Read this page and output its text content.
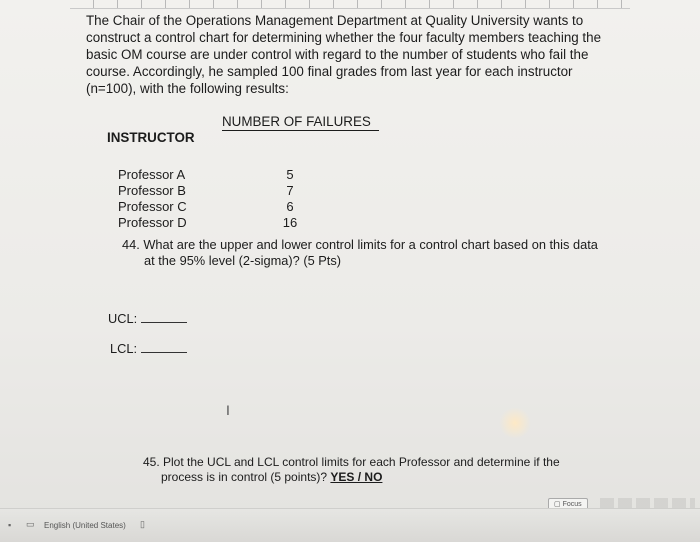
The Chair of the Operations Management Department at Quality University wants to construct a control chart for determining whether the four faculty members teaching the basic OM course are under control with regard to the number of students who fail the course. Accordingly, he sampled 100 final grades from last year for each instructor (n=100), with the following results:

NUMBER OF FAILURES
INSTRUCTOR
Professor A
Professor B
Professor C
Professor D
5
7
6
16
44. What are the upper and lower control limits for a control chart based on this data
at the 95% level (2-sigma)? (5 Pts)
UCL:
LCL:
I
45. Plot the UCL and LCL control limits for each Professor and determine if the
process is in control (5 points)? YES / NO
▢ Focus
▪ ▭ English (United States) ▯
